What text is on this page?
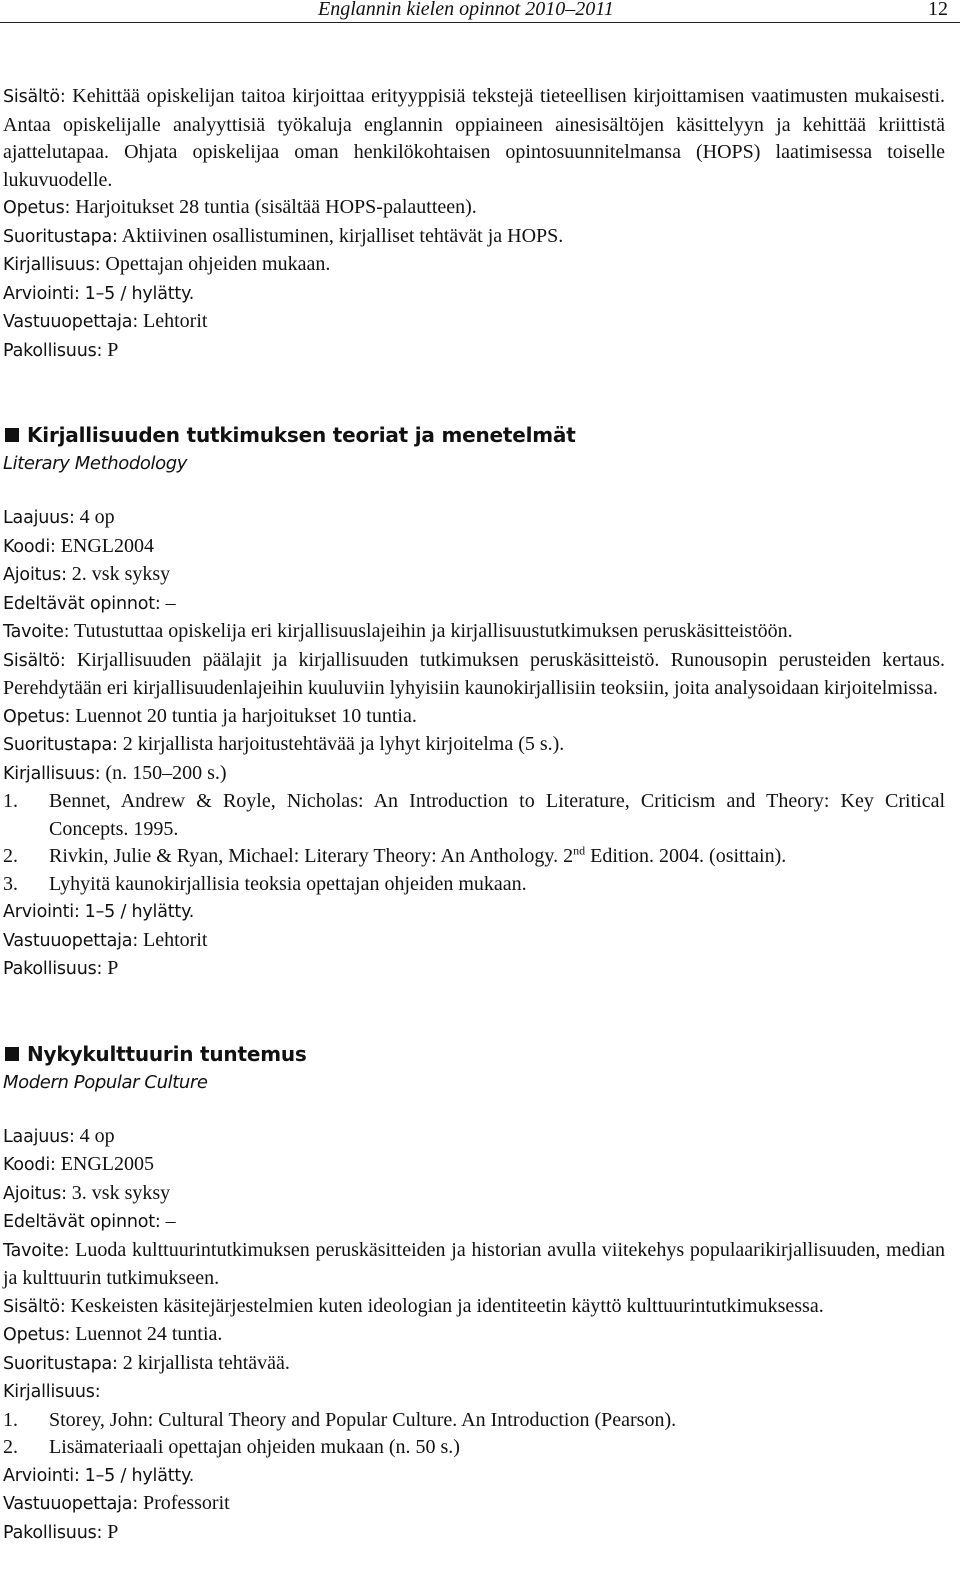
Englannin kielen opinnot 2010–2011	12

Sisältö: Kehittää opiskelijan taitoa kirjoittaa erityyppisiä tekstejä tieteellisen kirjoittamisen vaatimusten mukaisesti. Antaa opiskelijalle analyyttisiä työkaluja englannin oppiaineen ainesisältöjen käsittelyyn ja kehittää kriittistä ajattelutapaa. Ohjata opiskelijaa oman henkilökohtaisen opintosuunnitelmansa (HOPS) laatimisessa toiselle lukuvuodelle.

Opetus: Harjoitukset 28 tuntia (sisältää HOPS-palautteen).
Suoritustapa: Aktiivinen osallistuminen, kirjalliset tehtävät ja HOPS.
Kirjallisuus: Opettajan ohjeiden mukaan.
Arviointi: 1–5 / hylätty.
Vastuuopettaja: Lehtorit
Pakollisuus: P
Kirjallisuuden tutkimuksen teoriat ja menetelmät
Literary Methodology
Laajuus: 4 op
Koodi: ENGL2004
Ajoitus: 2. vsk syksy
Edeltävät opinnot: –

Tavoite: Tutustuttaa opiskelija eri kirjallisuuslajeihin ja kirjallisuustutkimuksen peruskäsitteistöön.

Sisältö: Kirjallisuuden päälajit ja kirjallisuuden tutkimuksen peruskäsitteistö. Runousopin perusteiden kertaus. Perehdytään eri kirjallisuudenlajeihin kuuluviin lyhyisiin kaunokirjallisiin teoksiin, joita analysoidaan kirjoitelmissa.

Opetus: Luennot 20 tuntia ja harjoitukset 10 tuntia.
Suoritustapa: 2 kirjallista harjoitustehtävää ja lyhyt kirjoitelma (5 s.).
Kirjallisuus: (n. 150–200 s.)
1.	Bennet, Andrew & Royle, Nicholas: An Introduction to Literature, Criticism and Theory: Key Critical Concepts. 1995.
2.	Rivkin, Julie & Ryan, Michael: Literary Theory: An Anthology. 2nd Edition. 2004. (osittain).
3.	Lyhyitä kaunokirjallisia teoksia opettajan ohjeiden mukaan.
Arviointi: 1–5 / hylätty.
Vastuuopettaja: Lehtorit
Pakollisuus: P
Nykykulttuurin tuntemus
Modern Popular Culture
Laajuus: 4 op
Koodi: ENGL2005
Ajoitus: 3. vsk syksy
Edeltävät opinnot: –

Tavoite: Luoda kulttuurintutkimuksen peruskäsitteiden ja historian avulla viitekehys populaarikirjallisuuden, median ja kulttuurin tutkimukseen.

Sisältö: Keskeisten käsitejärjestelmien kuten ideologian ja identiteetin käyttö kulttuurintutkimuksessa.

Opetus: Luennot 24 tuntia.
Suoritustapa: 2 kirjallista tehtävää.
Kirjallisuus:
1.	Storey, John: Cultural Theory and Popular Culture. An Introduction (Pearson).
2.	Lisämateriaali opettajan ohjeiden mukaan (n. 50 s.)
Arviointi: 1–5 / hylätty.
Vastuuopettaja: Professorit
Pakollisuus: P
